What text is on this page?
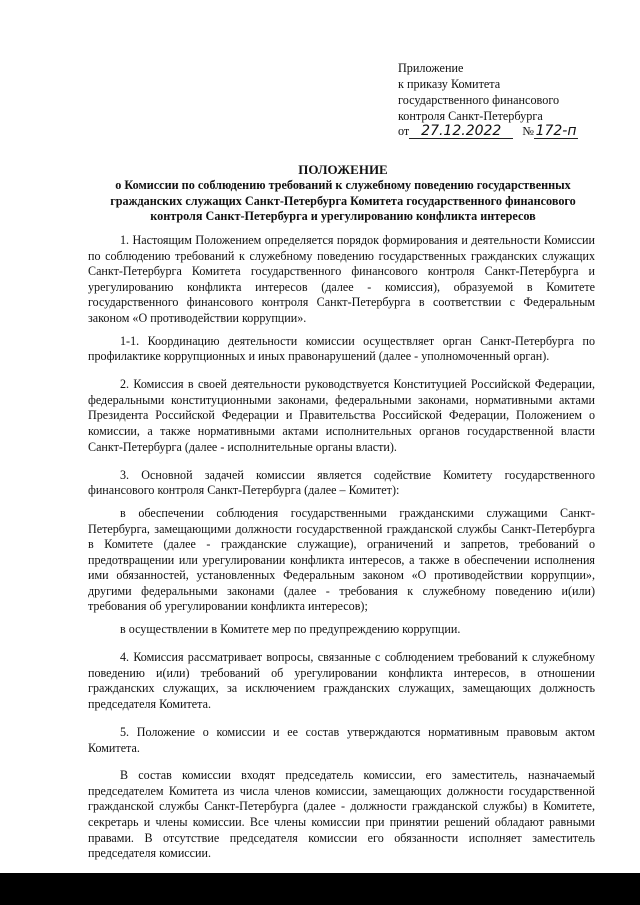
Приложение
к приказу Комитета
государственного финансового
контроля Санкт-Петербурга
от 27.12.2022 № 172-п
ПОЛОЖЕНИЕ
о Комиссии по соблюдению требований к служебному поведению государственных гражданских служащих Санкт-Петербурга Комитета государственного финансового контроля Санкт-Петербурга и урегулированию конфликта интересов

1. Настоящим Положением определяется порядок формирования и деятельности Комиссии по соблюдению требований к служебному поведению государственных гражданских служащих Санкт-Петербурга Комитета государственного финансового контроля Санкт-Петербурга и урегулированию конфликта интересов (далее - комиссия), образуемой в Комитете государственного финансового контроля Санкт-Петербурга в соответствии с Федеральным законом «О противодействии коррупции».

1-1. Координацию деятельности комиссии осуществляет орган Санкт-Петербурга по профилактике коррупционных и иных правонарушений (далее - уполномоченный орган).

2. Комиссия в своей деятельности руководствуется Конституцией Российской Федерации, федеральными конституционными законами, федеральными законами, нормативными актами Президента Российской Федерации и Правительства Российской Федерации, Положением о комиссии, а также нормативными актами исполнительных органов государственной власти Санкт-Петербурга (далее - исполнительные органы власти).

3. Основной задачей комиссии является содействие Комитету государственного финансового контроля Санкт-Петербурга (далее – Комитет):

в обеспечении соблюдения государственными гражданскими служащими Санкт-Петербурга, замещающими должности государственной гражданской службы Санкт-Петербурга в Комитете (далее - гражданские служащие), ограничений и запретов, требований о предотвращении или урегулировании конфликта интересов, а также в обеспечении исполнения ими обязанностей, установленных Федеральным законом «О противодействии коррупции», другими федеральными законами (далее - требования к служебному поведению и(или) требования об урегулировании конфликта интересов);

в осуществлении в Комитете мер по предупреждению коррупции.

4. Комиссия рассматривает вопросы, связанные с соблюдением требований к служебному поведению и(или) требований об урегулировании конфликта интересов, в отношении гражданских служащих, за исключением гражданских служащих, замещающих должность председателя Комитета.

5. Положение о комиссии и ее состав утверждаются нормативным правовым актом Комитета.

В состав комиссии входят председатель комиссии, его заместитель, назначаемый председателем Комитета из числа членов комиссии, замещающих должности государственной гражданской службы Санкт-Петербурга (далее - должности гражданской службы) в Комитете, секретарь и члены комиссии. Все члены комиссии при принятии решений обладают равными правами. В отсутствие председателя комиссии его обязанности исполняет заместитель председателя комиссии.
